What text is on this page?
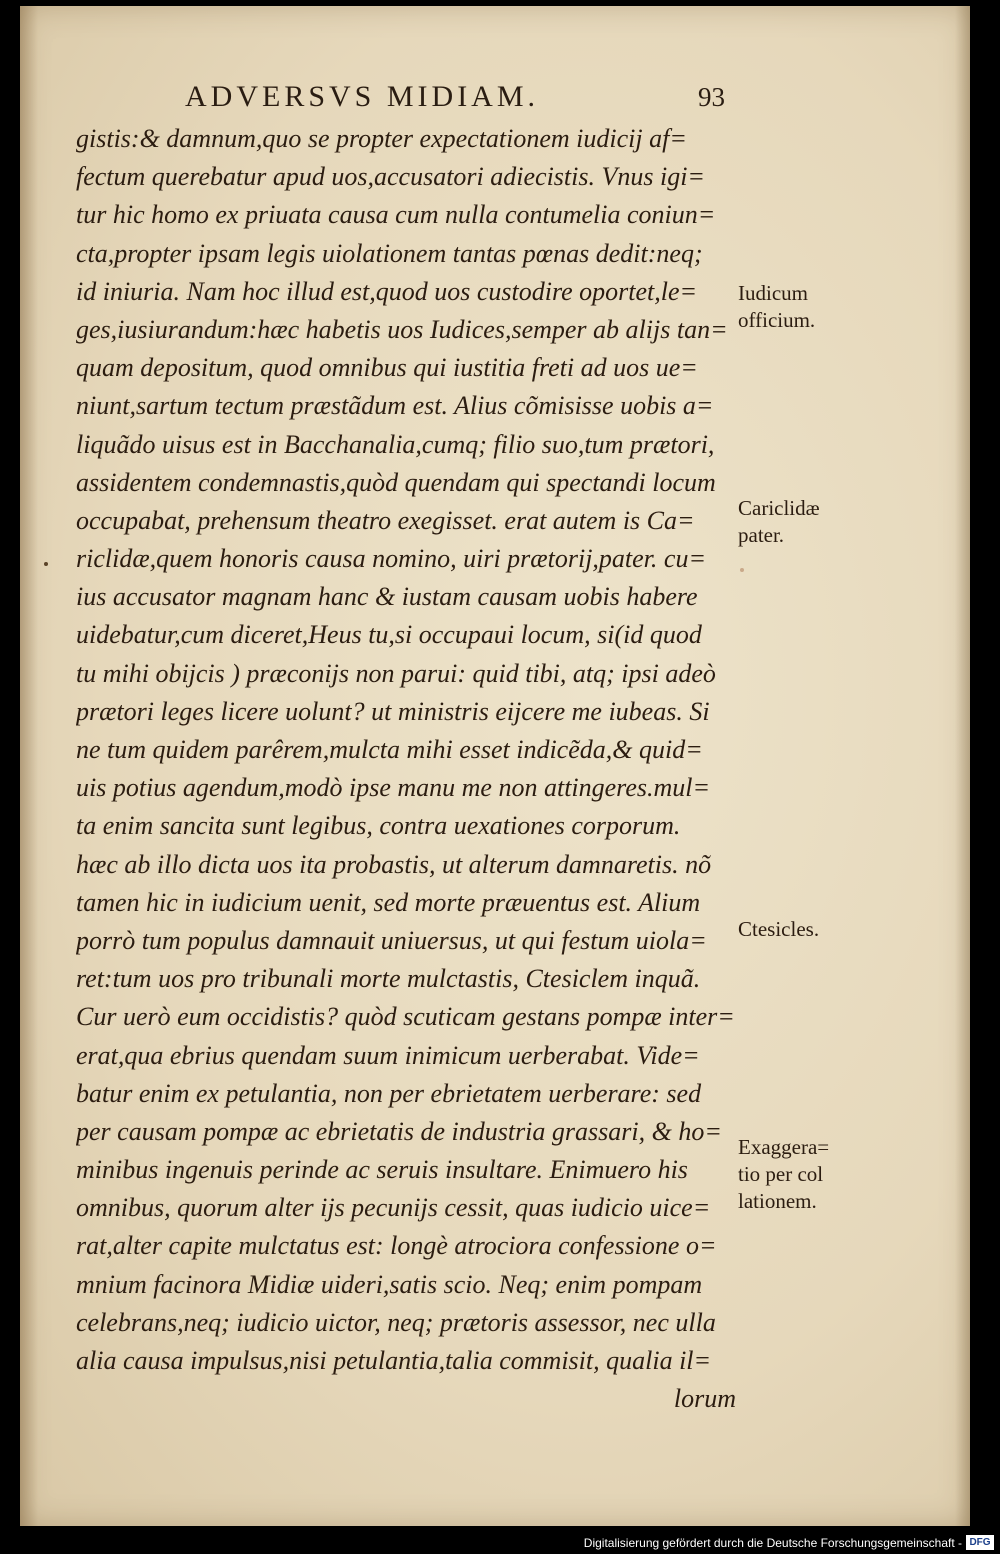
ADVERSVS MIDIAM.	93
gistis:& damnum,quo se propter expectationem iudicij af=
fectum querebatur apud uos,accusatori adiecistis. Vnus igi=
tur hic homo ex priuata causa cum nulla contumelia coniun=
cta,propter ipsam legis uiolationem tantas pœnas dedit:neq;
id iniuria. Nam hoc illud est,quod uos custodire oportet,le=
ges,iusiurandum:hæc habetis uos Iudices,semper ab alijs tan=
quam depositum, quod omnibus qui iustitia freti ad uos ue=
niunt,sartum tectum præstãdum est. Alius cõmisisse uobis a=
liquãdo uisus est in Bacchanalia,cumq; filio suo,tum prætori,
assidentem condemnastis,quòd quendam qui spectandi locum
occupabat, prehensum theatro exegisset. erat autem is Ca=
riclidæ,quem honoris causa nomino, uiri prætorij,pater. cu=
ius accusator magnam hanc & iustam causam uobis habere
uidebatur,cum diceret,Heus tu,si occupaui locum, si(id quod
tu mihi obijcis ) præconijs non parui: quid tibi, atq; ipsi adeò
prætori leges licere uolunt? ut ministris eijcere me iubeas. Si
ne tum quidem parêrem,mulcta mihi esset indicẽda,& quid=
uis potius agendum,modò ipse manu me non attingeres.mul=
ta enim sancita sunt legibus, contra uexationes corporum.
hæc ab illo dicta uos ita probastis, ut alterum damnaretis. nõ
tamen hic in iudicium uenit, sed morte præuentus est. Alium
porrò tum populus damnauit uniuersus, ut qui festum uiola=
ret:tum uos pro tribunali morte mulctastis, Ctesiclem inquã.
Cur uerò eum occidistis? quòd scuticam gestans pompæ inter=
erat,qua ebrius quendam suum inimicum uerberabat. Vide=
batur enim ex petulantia, non per ebrietatem uerberare: sed
per causam pompæ ac ebrietatis de industria grassari, & ho=
minibus ingenuis perinde ac seruis insultare. Enimuero his
omnibus, quorum alter ijs pecunijs cessit, quas iudicio uice=
rat,alter capite mulctatus est: longè atrociora confessione o=
mnium facinora Midiæ uideri,satis scio. Neq; enim pompam
celebrans,neq; iudicio uictor, neq; prætoris assessor, nec ulla
alia causa impulsus,nisi petulantia,talia commisit, qualia il=
lorum
Iudicum
officium.
Cariclidæ
pater.
Ctesicles.
Exaggera=
tio per col
lationem.
Digitalisierung gefördert durch die Deutsche Forschungsgemeinschaft - DFG
